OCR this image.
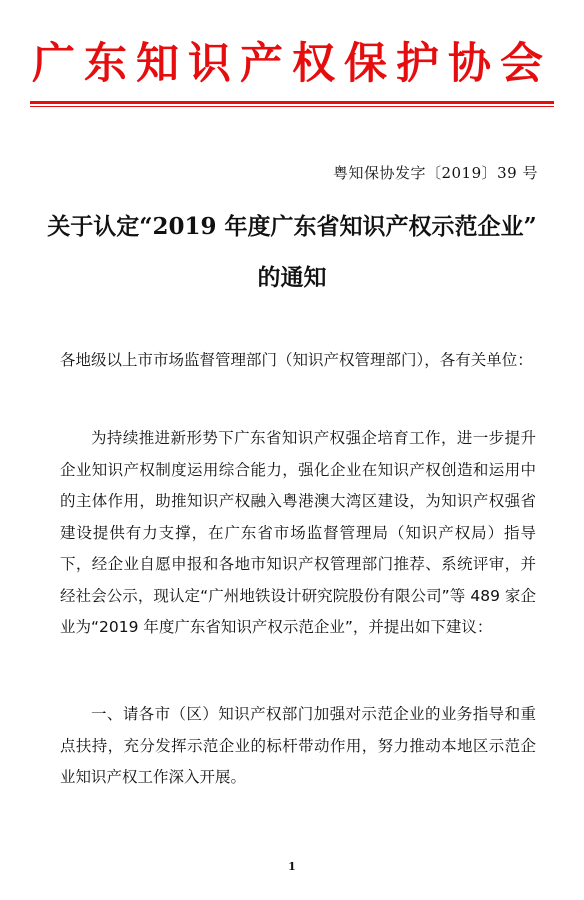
广东知识产权保护协会
粤知保协发字〔2019〕39 号
关于认定“2019 年度广东省知识产权示范企业”
的通知
各地级以上市市场监督管理部门（知识产权管理部门），各有关单位：
为持续推进新形势下广东省知识产权强企培育工作，进一步提升企业知识产权制度运用综合能力，强化企业在知识产权创造和运用中的主体作用，助推知识产权融入粤港澳大湾区建设，为知识产权强省建设提供有力支撑，在广东省市场监督管理局（知识产权局）指导下，经企业自愿申报和各地市知识产权管理部门推荐、系统评审，并经社会公示，现认定“广州地铁设计研究院股份有限公司”等 489 家企业为“2019 年度广东省知识产权示范企业”，并提出如下建议：
一、请各市（区）知识产权部门加强对示范企业的业务指导和重点扶持，充分发挥示范企业的标杆带动作用，努力推动本地区示范企业知识产权工作深入开展。
1
